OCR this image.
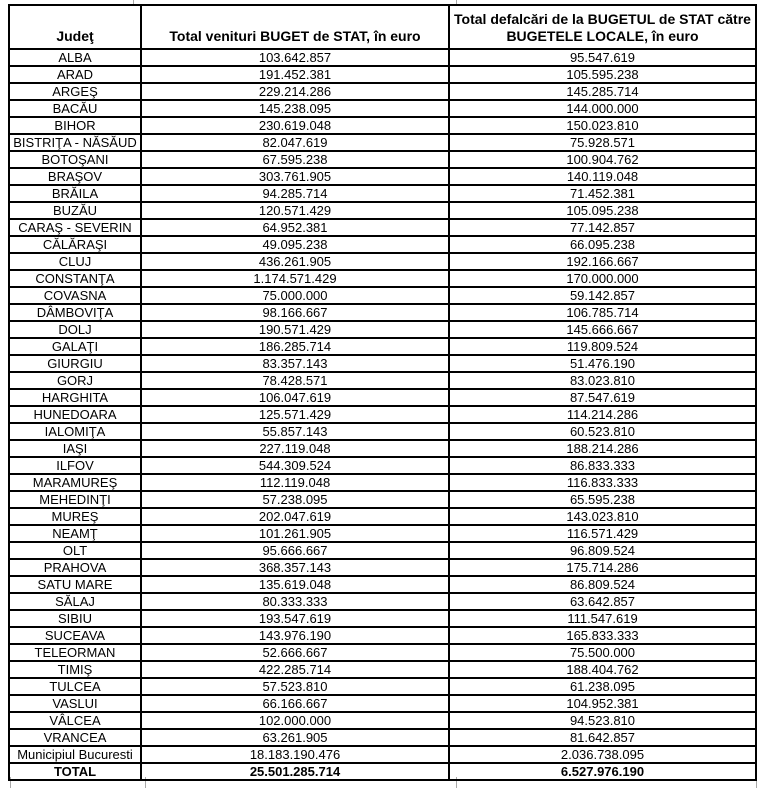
Judeţ	Total venituri BUGET de STAT, în euro	Total defalcări de la BUGETUL de STAT către BUGETELE LOCALE, în euro
ALBA	103.642.857	95.547.619
ARAD	191.452.381	105.595.238
ARGEŞ	229.214.286	145.285.714
BACĂU	145.238.095	144.000.000
BIHOR	230.619.048	150.023.810
BISTRIŢA - NĂSĂUD	82.047.619	75.928.571
BOTOŞANI	67.595.238	100.904.762
BRAŞOV	303.761.905	140.119.048
BRĂILA	94.285.714	71.452.381
BUZĂU	120.571.429	105.095.238
CARAŞ - SEVERIN	64.952.381	77.142.857
CĂLĂRAŞI	49.095.238	66.095.238
CLUJ	436.261.905	192.166.667
CONSTANŢA	1.174.571.429	170.000.000
COVASNA	75.000.000	59.142.857
DÂMBOVIŢA	98.166.667	106.785.714
DOLJ	190.571.429	145.666.667
GALAŢI	186.285.714	119.809.524
GIURGIU	83.357.143	51.476.190
GORJ	78.428.571	83.023.810
HARGHITA	106.047.619	87.547.619
HUNEDOARA	125.571.429	114.214.286
IALOMIŢA	55.857.143	60.523.810
IAŞI	227.119.048	188.214.286
ILFOV	544.309.524	86.833.333
MARAMUREŞ	112.119.048	116.833.333
MEHEDINŢI	57.238.095	65.595.238
MUREŞ	202.047.619	143.023.810
NEAMŢ	101.261.905	116.571.429
OLT	95.666.667	96.809.524
PRAHOVA	368.357.143	175.714.286
SATU MARE	135.619.048	86.809.524
SĂLAJ	80.333.333	63.642.857
SIBIU	193.547.619	111.547.619
SUCEAVA	143.976.190	165.833.333
TELEORMAN	52.666.667	75.500.000
TIMIŞ	422.285.714	188.404.762
TULCEA	57.523.810	61.238.095
VASLUI	66.166.667	104.952.381
VÂLCEA	102.000.000	94.523.810
VRANCEA	63.261.905	81.642.857
Municipiul Bucuresti	18.183.190.476	2.036.738.095
TOTAL	25.501.285.714	6.527.976.190
